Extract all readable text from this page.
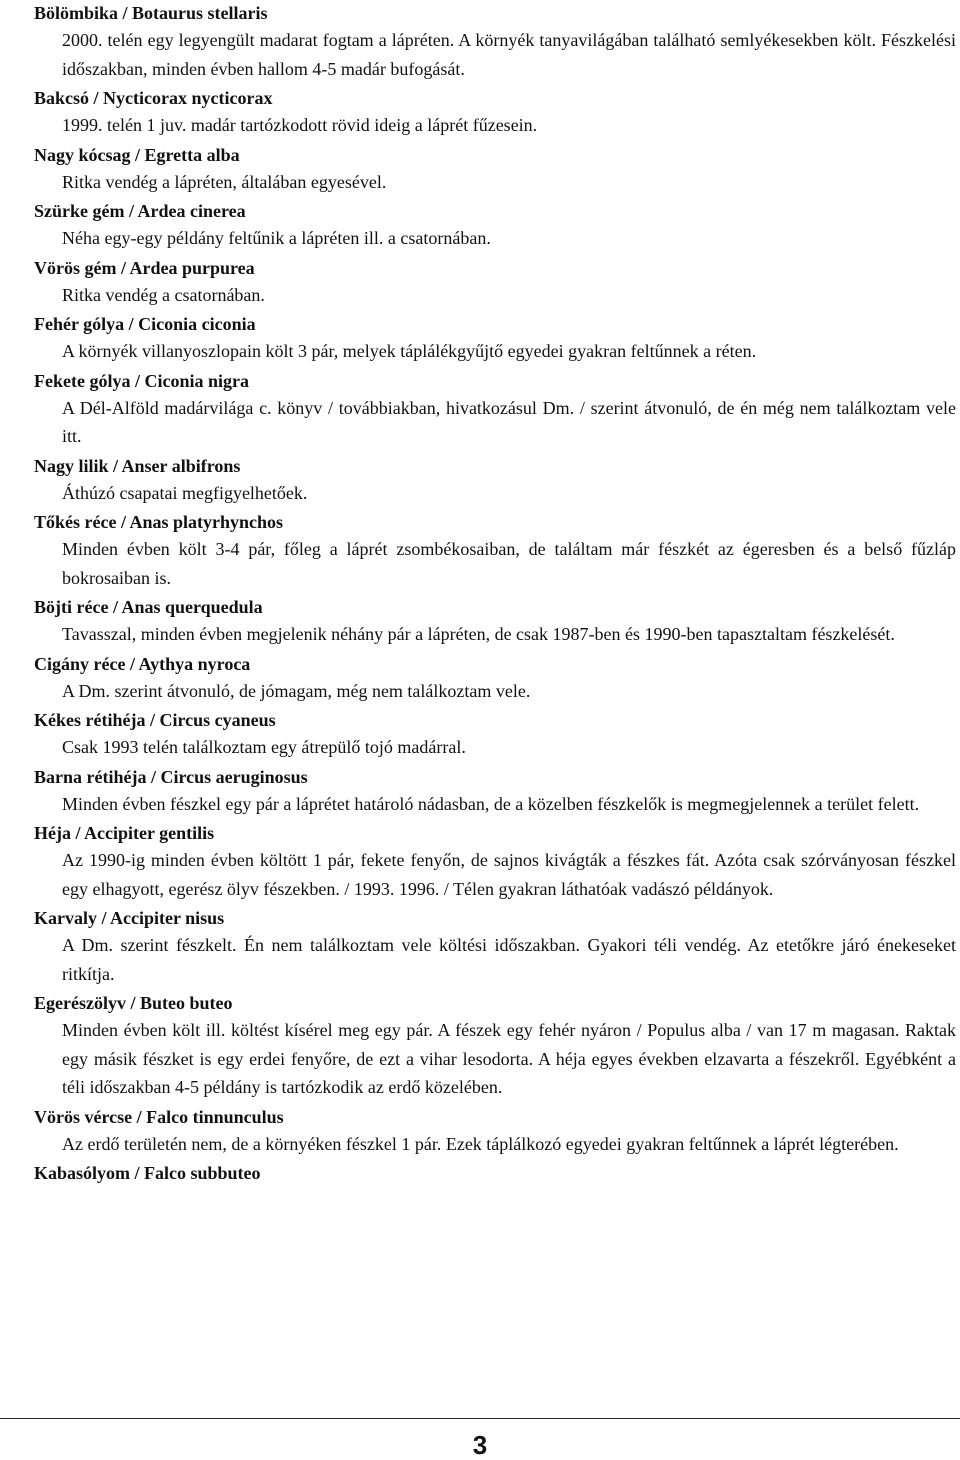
Bölömbika / Botaurus stellaris

2000. telén egy legyengült madarat fogtam a lápréten. A környék tanyavilágában található semlyékesekben költ. Fészkelési időszakban, minden évben hallom 4-5 madár bufogását.

Bakcsó / Nycticorax nycticorax

1999. telén 1 juv. madár tartózkodott rövid ideig a láprét fűzesein.

Nagy kócsag / Egretta alba

Ritka vendég a lápréten, általában egyesével.

Szürke gém / Ardea cinerea

Néha egy-egy példány feltűnik a lápréten ill. a csatornában.

Vörös gém / Ardea purpurea

Ritka vendég a csatornában.

Fehér gólya / Ciconia ciconia

A környék villanyoszlopain költ 3 pár, melyek táplálékgyűjtő egyedei gyakran feltűnnek a réten.

Fekete gólya / Ciconia nigra

A Dél-Alföld madárvilága c. könyv / továbbiakban, hivatkozásul Dm. / szerint átvonuló, de én még nem találkoztam vele itt.

Nagy lilik / Anser albifrons

Áthúzó csapatai megfigyelhetőek.

Tőkés réce / Anas platyrhynchos

Minden évben költ 3-4 pár, főleg a láprét zsombékosaiban, de találtam már fészkét az égeresben és a belső fűzláp bokrosaiban is.

Böjti réce / Anas querquedula

Tavasszal, minden évben megjelenik néhány pár a lápréten, de csak 1987-ben és 1990-ben tapasztaltam fészkelését.

Cigány réce / Aythya nyroca

A Dm. szerint átvonuló, de jómagam, még nem találkoztam vele.

Kékes rétihéja / Circus cyaneus

Csak 1993 telén találkoztam egy átrepülő tojó madárral.

Barna rétihéja / Circus aeruginosus

Minden évben fészkel egy pár a láprétet határoló nádasban, de a közelben fészkelők is megmegjelennek a terület felett.

Héja / Accipiter gentilis

Az 1990-ig minden évben költött 1 pár, fekete fenyőn, de sajnos kivágták a fészkes fát. Azóta csak szórványosan fészkel egy elhagyott, egerész ölyv fészekben. / 1993. 1996. / Télen gyakran láthatóak vadászó példányok.

Karvaly / Accipiter nisus

A Dm. szerint fészkelt. Én nem találkoztam vele költési időszakban. Gyakori téli vendég. Az etetőkre járó énekeseket ritkítja.

Egerészölyv / Buteo buteo

Minden évben költ ill. költést kísérel meg egy pár. A fészek egy fehér nyáron / Populus alba / van 17 m magasan. Raktak egy másik fészket is egy erdei fenyőre, de ezt a vihar lesodorta. A héja egyes években elzavarta a fészekről. Egyébként a téli időszakban 4-5 példány is tartózkodik az erdő közelében.

Vörös vércse / Falco tinnunculus

Az erdő területén nem, de a környéken fészkel 1 pár. Ezek táplálkozó egyedei gyakran feltűnnek a láprét légterében.

Kabasólyom / Falco subbuteo

3
